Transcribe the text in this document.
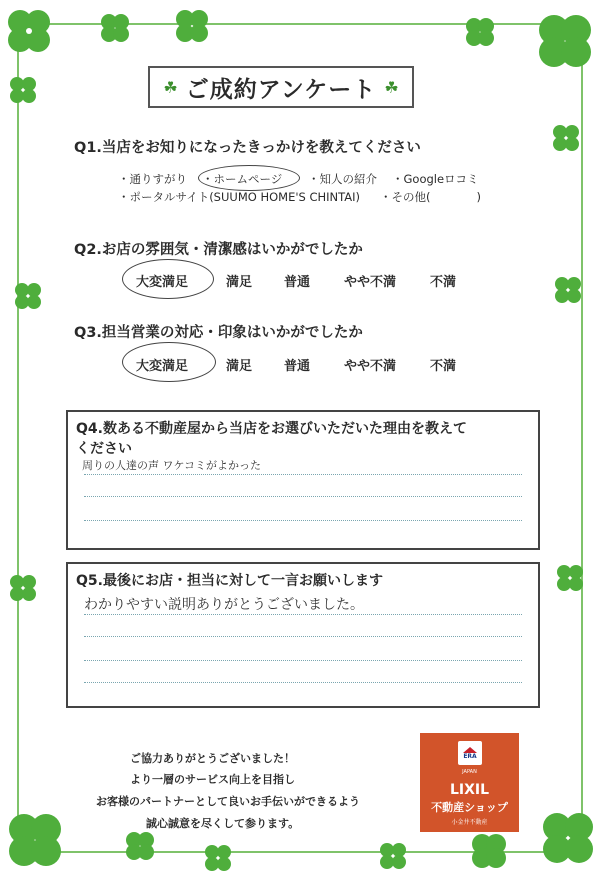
☘ ご成約アンケート ☘
Q1.当店をお知りになったきっかけを教えてください
・通りすがり ・ホームページ ・知人の紹介 ・Googleロコミ
・ポータルサイト(SUUMO HOME'S CHINTAI) ・その他(　　　　)
Q2.お店の雰囲気・清潔感はいかがでしたか
大変満足	満足 普通	やや不満	不満
Q3.担当営業の対応・印象はいかがでしたか
大変満足	満足 普通	やや不満	不満
Q4.数ある不動産屋から当店をお選びいただいた理由を教えて
ください
周りの人達の声 ワケコミがよかった
Q5.最後にお店・担当に対して一言お願いします
わかりやすい説明ありがとうございました。
ご協力ありがとうございました！
より一層のサービス向上を目指し
お客様のパートナーとして良いお手伝いができるよう
誠心誠意を尽くして参ります。
ERA
JAPAN
LIXIL
不動産ショップ
小金井不動産
